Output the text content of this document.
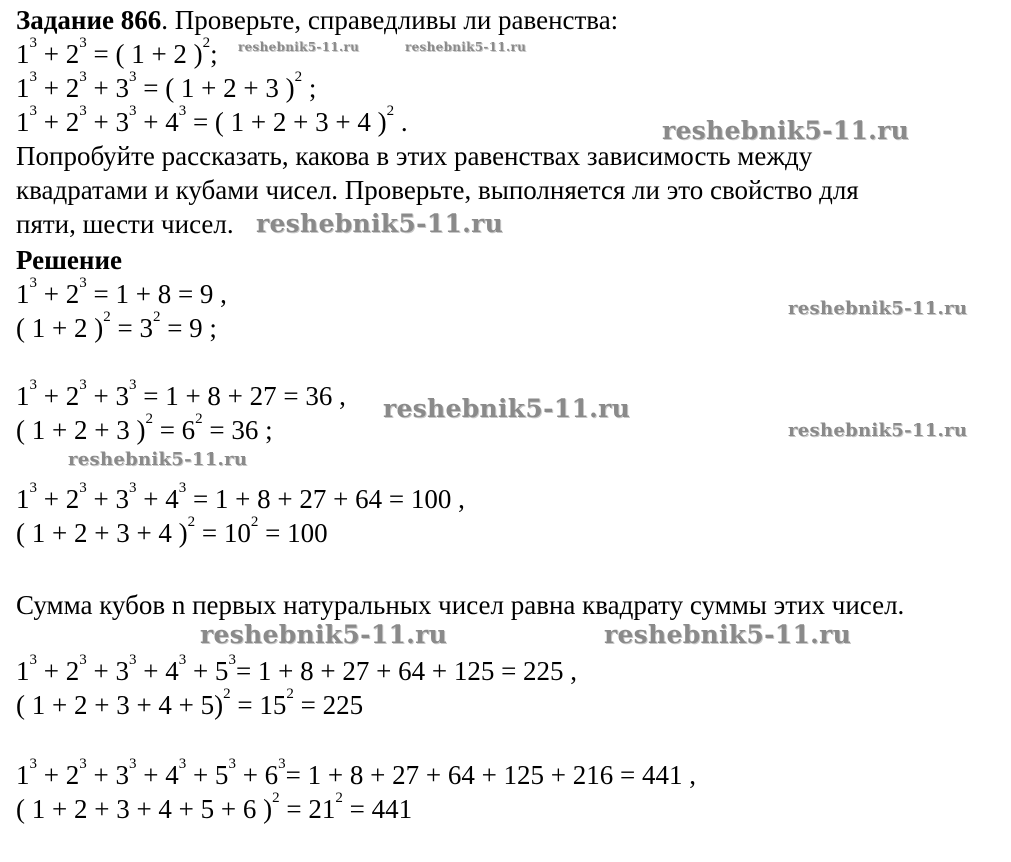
Задание 866. Проверьте, справедливы ли равенства:
$1^3 + 2^3$ = ( 1 + 2 )$^2$;
$1^3 + 2^3 + 3^3$ = ( 1 + 2 + 3 )$^2$ ;
$1^3 + 2^3 + 3^3 + 4^3$ = ( 1 + 2 + 3 + 4 )$^2$ .
Попробуйте рассказать, какова в этих равенствах зависимость между
квадратами и кубами чисел. Проверьте, выполняется ли это свойство для
пяти, шести чисел.
Решение
$1^3 + 2^3 = 1 + 8 = 9$ ,
( 1 + 2 )$^2 = 3^2 = 9$ ;
$1^3 + 2^3 + 3^3 = 1 + 8 + 27 = 36$ ,
( 1 + 2 + 3 )$^2 = 6^2 = 36$ ;
$1^3 + 2^3 + 3^3 + 4^3 = 1 + 8 + 27 + 64 = 100$ ,
( 1 + 2 + 3 + 4 )$^2 = 10^2 = 100$
Сумма кубов n первых натуральных чисел равна квадрату суммы этих чисел.
$1^3 + 2^3 + 3^3 + 4^3 + 5^3= 1 + 8 + 27 + 64 + 125 = 225$ ,
( $1 + 2 + 3 + 4 + 5)^2 = 15^2 = 225$
$1^3 + 2^3 + 3^3 + 4^3 + 5^3 + 6^3= 1 + 8 + 27 + 64 + 125 + 216 = 441$ ,
( 1 + 2 + 3 + 4 + 5 + 6 )$^2 = 21^2 = 441$
reshebnik5-11.ru	reshebnik5-11.ru
reshebnik5-11.ru
reshebnik5-11.ru
reshebnik5-11.ru
reshebnik5-11.ru
reshebnik5-11.ru
reshebnik5-11.ru
reshebnik5-11.ru	reshebnik5-11.ru
